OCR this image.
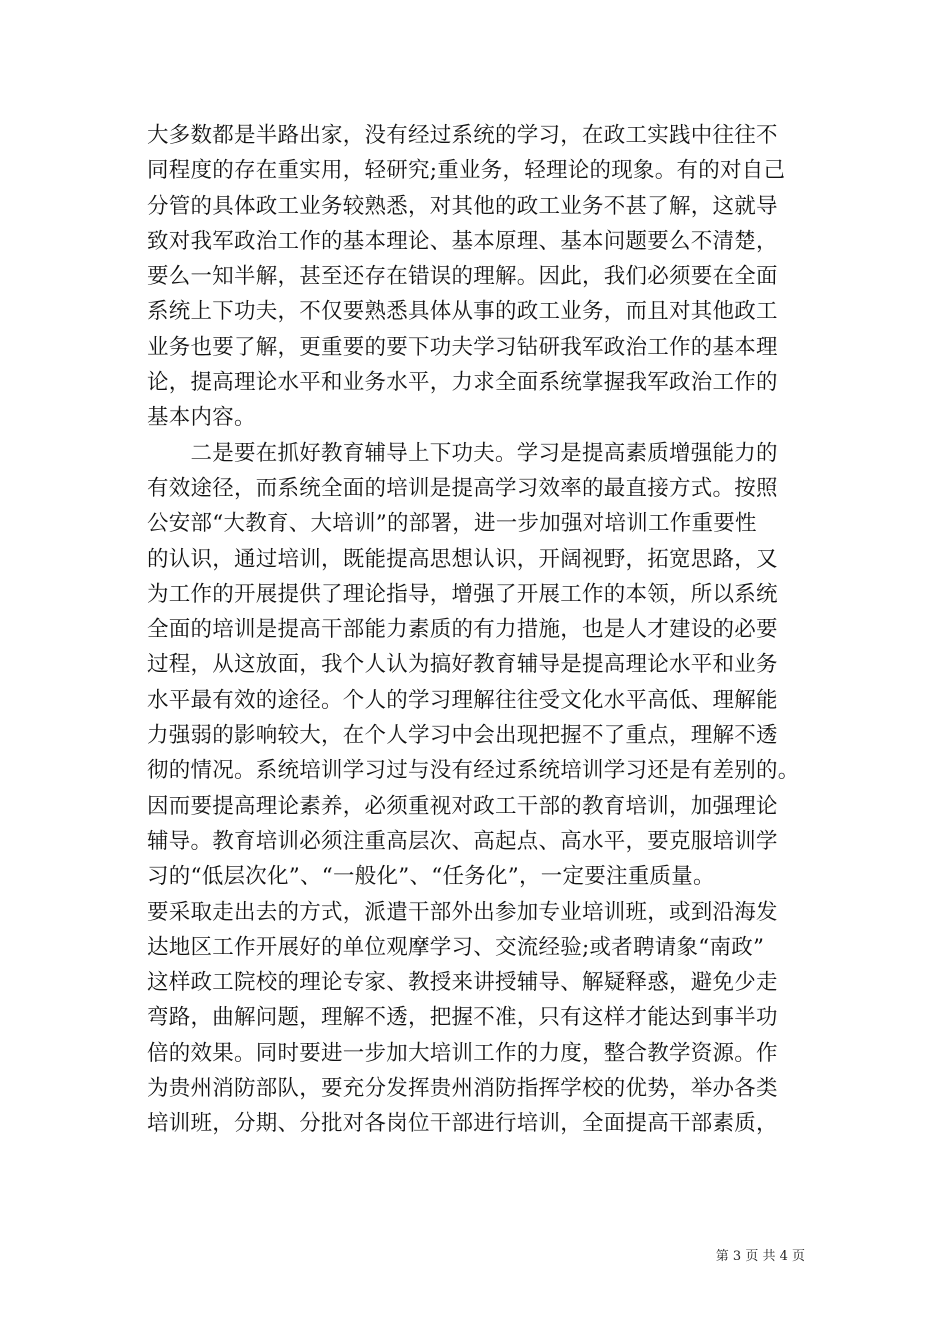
大多数都是半路出家，没有经过系统的学习，在政工实践中往往不
同程度的存在重实用，轻研究;重业务，轻理论的现象。有的对自己
分管的具体政工业务较熟悉，对其他的政工业务不甚了解，这就导
致对我军政治工作的基本理论、基本原理、基本问题要么不清楚，
要么一知半解，甚至还存在错误的理解。因此，我们必须要在全面
系统上下功夫，不仅要熟悉具体从事的政工业务，而且对其他政工
业务也要了解，更重要的要下功夫学习钻研我军政治工作的基本理
论，提高理论水平和业务水平，力求全面系统掌握我军政治工作的
基本内容。
　　二是要在抓好教育辅导上下功夫。学习是提高素质增强能力的
有效途径，而系统全面的培训是提高学习效率的最直接方式。按照
公安部“大教育、大培训”的部署，进一步加强对培训工作重要性
的认识，通过培训，既能提高思想认识，开阔视野，拓宽思路，又
为工作的开展提供了理论指导，增强了开展工作的本领，所以系统
全面的培训是提高干部能力素质的有力措施，也是人才建设的必要
过程，从这放面，我个人认为搞好教育辅导是提高理论水平和业务
水平最有效的途径。个人的学习理解往往受文化水平高低、理解能
力强弱的影响较大，在个人学习中会出现把握不了重点，理解不透
彻的情况。系统培训学习过与没有经过系统培训学习还是有差别的。
因而要提高理论素养，必须重视对政工干部的教育培训，加强理论
辅导。教育培训必须注重高层次、高起点、高水平，要克服培训学
习的“低层次化”、“一般化”、“任务化”，一定要注重质量。
要采取走出去的方式，派遣干部外出参加专业培训班，或到沿海发
达地区工作开展好的单位观摩学习、交流经验;或者聘请象“南政”
这样政工院校的理论专家、教授来讲授辅导、解疑释惑，避免少走
弯路，曲解问题，理解不透，把握不准，只有这样才能达到事半功
倍的效果。同时要进一步加大培训工作的力度，整合教学资源。作
为贵州消防部队，要充分发挥贵州消防指挥学校的优势，举办各类
培训班，分期、分批对各岗位干部进行培训，全面提高干部素质，
第 3 页 共 4 页
